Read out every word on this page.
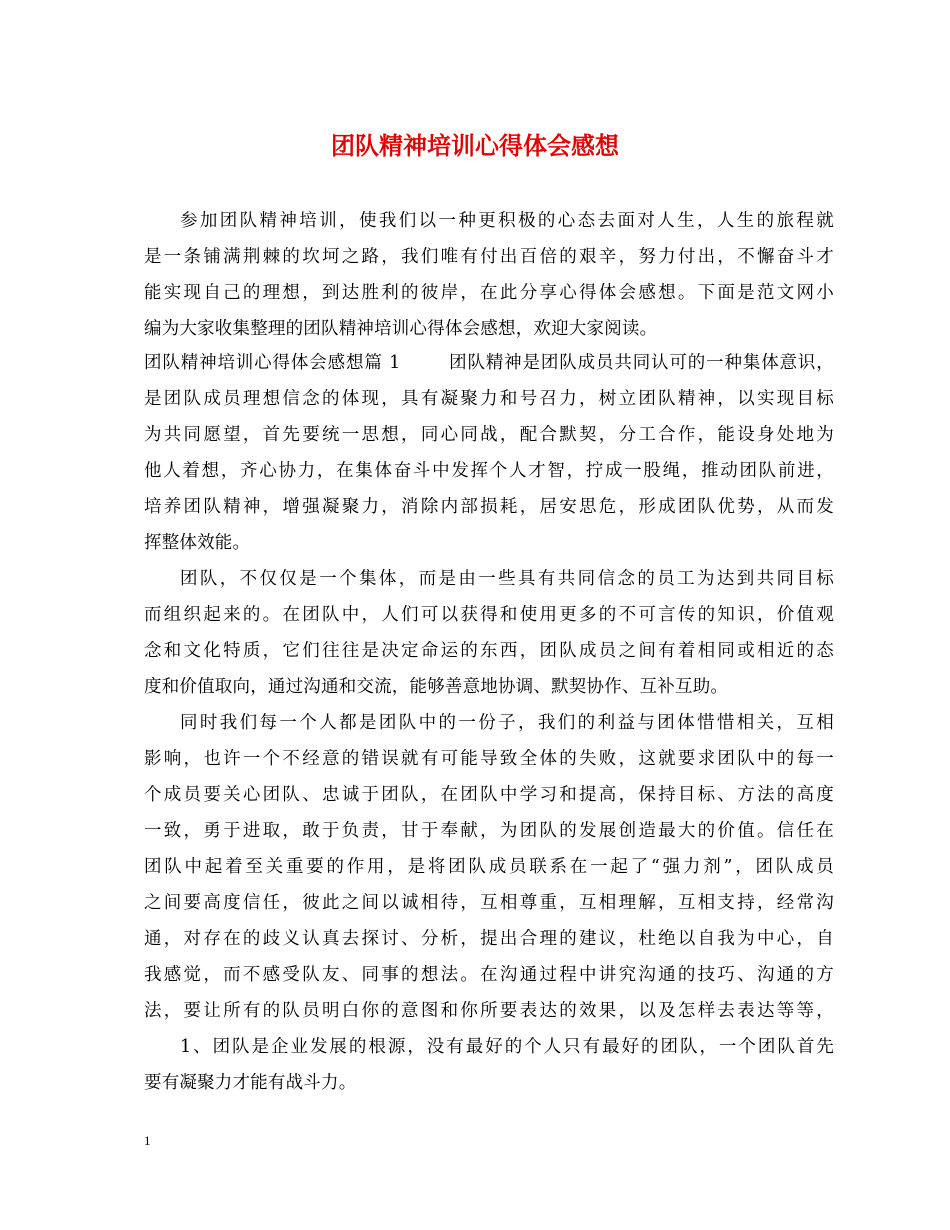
团队精神培训心得体会感想
参加团队精神培训，使我们以一种更积极的心态去面对人生，人生的旅程就
是一条铺满荆棘的坎坷之路，我们唯有付出百倍的艰辛，努力付出，不懈奋斗才
能实现自己的理想，到达胜利的彼岸，在此分享心得体会感想。下面是范文网小
编为大家收集整理的团队精神培训心得体会感想，欢迎大家阅读。
团队精神培训心得体会感想篇 1	团队精神是团队成员共同认可的一种集体意识，
是团队成员理想信念的体现，具有凝聚力和号召力，树立团队精神，以实现目标
为共同愿望，首先要统一思想，同心同战，配合默契，分工合作，能设身处地为
他人着想，齐心协力，在集体奋斗中发挥个人才智，拧成一股绳，推动团队前进，
培养团队精神，增强凝聚力，消除内部损耗，居安思危，形成团队优势，从而发
挥整体效能。
团队，不仅仅是一个集体，而是由一些具有共同信念的员工为达到共同目标
而组织起来的。在团队中，人们可以获得和使用更多的不可言传的知识，价值观
念和文化特质，它们往往是决定命运的东西，团队成员之间有着相同或相近的态
度和价值取向，通过沟通和交流，能够善意地协调、默契协作、互补互助。
同时我们每一个人都是团队中的一份子，我们的利益与团体惜惜相关，互相
影响，也许一个不经意的错误就有可能导致全体的失败，这就要求团队中的每一
个成员要关心团队、忠诚于团队，在团队中学习和提高，保持目标、方法的高度
一致，勇于进取，敢于负责，甘于奉献，为团队的发展创造最大的价值。信任在
团队中起着至关重要的作用，是将团队成员联系在一起了“强力剂”，团队成员
之间要高度信任，彼此之间以诚相待，互相尊重，互相理解，互相支持，经常沟
通，对存在的歧义认真去探讨、分析，提出合理的建议，杜绝以自我为中心，自
我感觉，而不感受队友、同事的想法。在沟通过程中讲究沟通的技巧、沟通的方
法，要让所有的队员明白你的意图和你所要表达的效果，以及怎样去表达等等，
1、团队是企业发展的根源，没有最好的个人只有最好的团队，一个团队首先
要有凝聚力才能有战斗力。
1
